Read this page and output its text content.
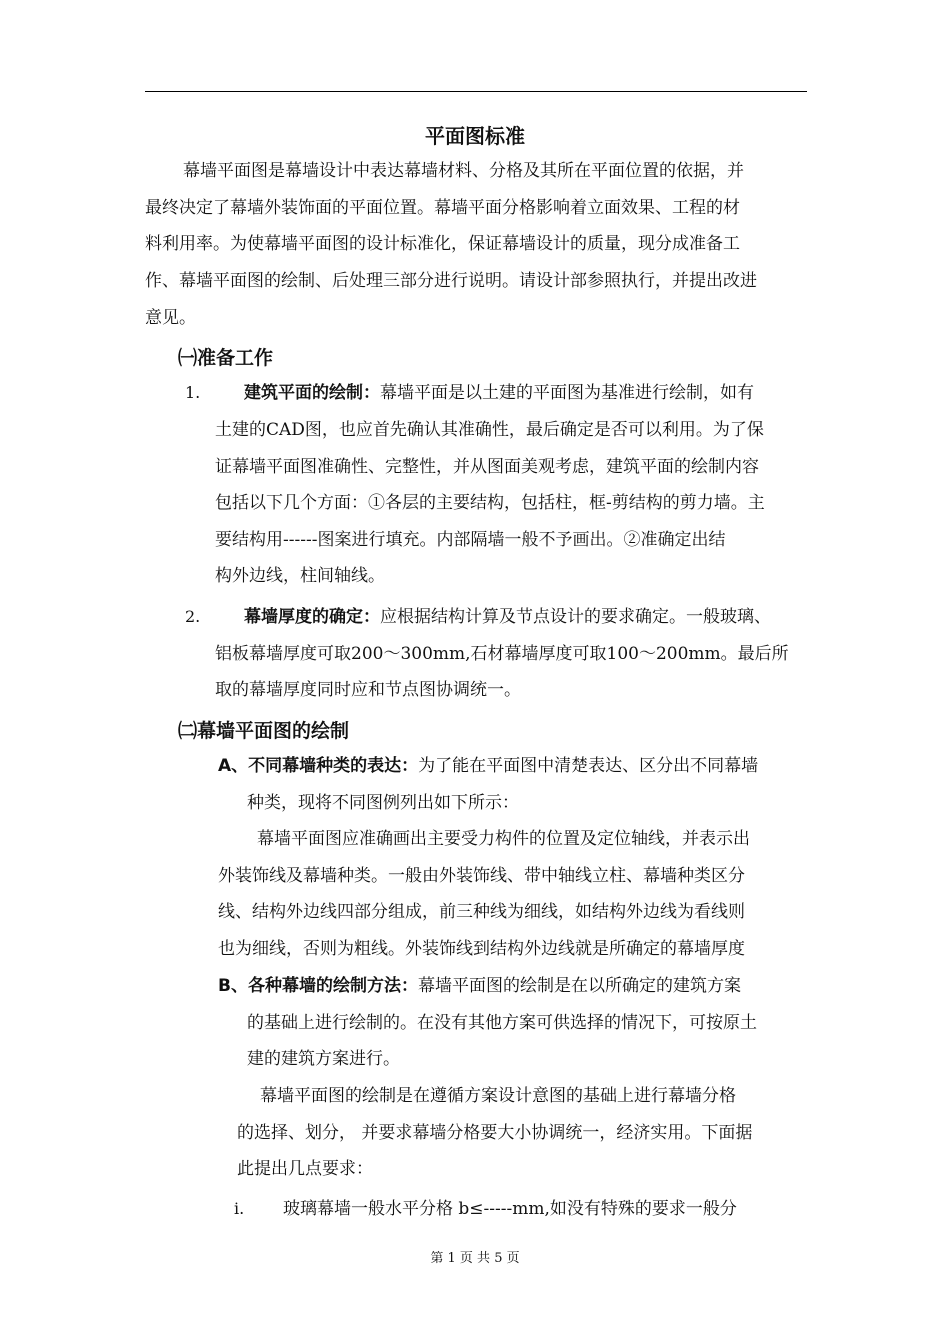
平面图标准
幕墙平面图是幕墙设计中表达幕墙材料、分格及其所在平面位置的依据，并
最终决定了幕墙外装饰面的平面位置。幕墙平面分格影响着立面效果、工程的材
料利用率。为使幕墙平面图的设计标准化，保证幕墙设计的质量，现分成准备工
作、幕墙平面图的绘制、后处理三部分进行说明。请设计部参照执行，并提出改进
意见。
㈠准备工作
1.	建筑平面的绘制：幕墙平面是以土建的平面图为基准进行绘制，如有
土建的CAD图，也应首先确认其准确性，最后确定是否可以利用。为了保
证幕墙平面图准确性、完整性，并从图面美观考虑，建筑平面的绘制内容
包括以下几个方面：①各层的主要结构，包括柱，框-剪结构的剪力墙。主
要结构用------图案进行填充。内部隔墙一般不予画出。②准确定出结
构外边线，柱间轴线。
2.	幕墙厚度的确定：应根据结构计算及节点设计的要求确定。一般玻璃、
铝板幕墙厚度可取200～300mm,石材幕墙厚度可取100～200mm。最后所
取的幕墙厚度同时应和节点图协调统一。
㈡幕墙平面图的绘制
A、不同幕墙种类的表达：为了能在平面图中清楚表达、区分出不同幕墙
种类，现将不同图例列出如下所示：
幕墙平面图应准确画出主要受力构件的位置及定位轴线，并表示出
外装饰线及幕墙种类。一般由外装饰线、带中轴线立柱、幕墙种类区分
线、结构外边线四部分组成，前三种线为细线，如结构外边线为看线则
也为细线，否则为粗线。外装饰线到结构外边线就是所确定的幕墙厚度
B、各种幕墙的绘制方法：幕墙平面图的绘制是在以所确定的建筑方案
的基础上进行绘制的。在没有其他方案可供选择的情况下，可按原土
建的建筑方案进行。
幕墙平面图的绘制是在遵循方案设计意图的基础上进行幕墙分格
的选择、划分， 并要求幕墙分格要大小协调统一，经济实用。下面据
此提出几点要求：
i. 玻璃幕墙一般水平分格 b≤-----mm,如没有特殊的要求一般分
第 1 页 共 5 页
